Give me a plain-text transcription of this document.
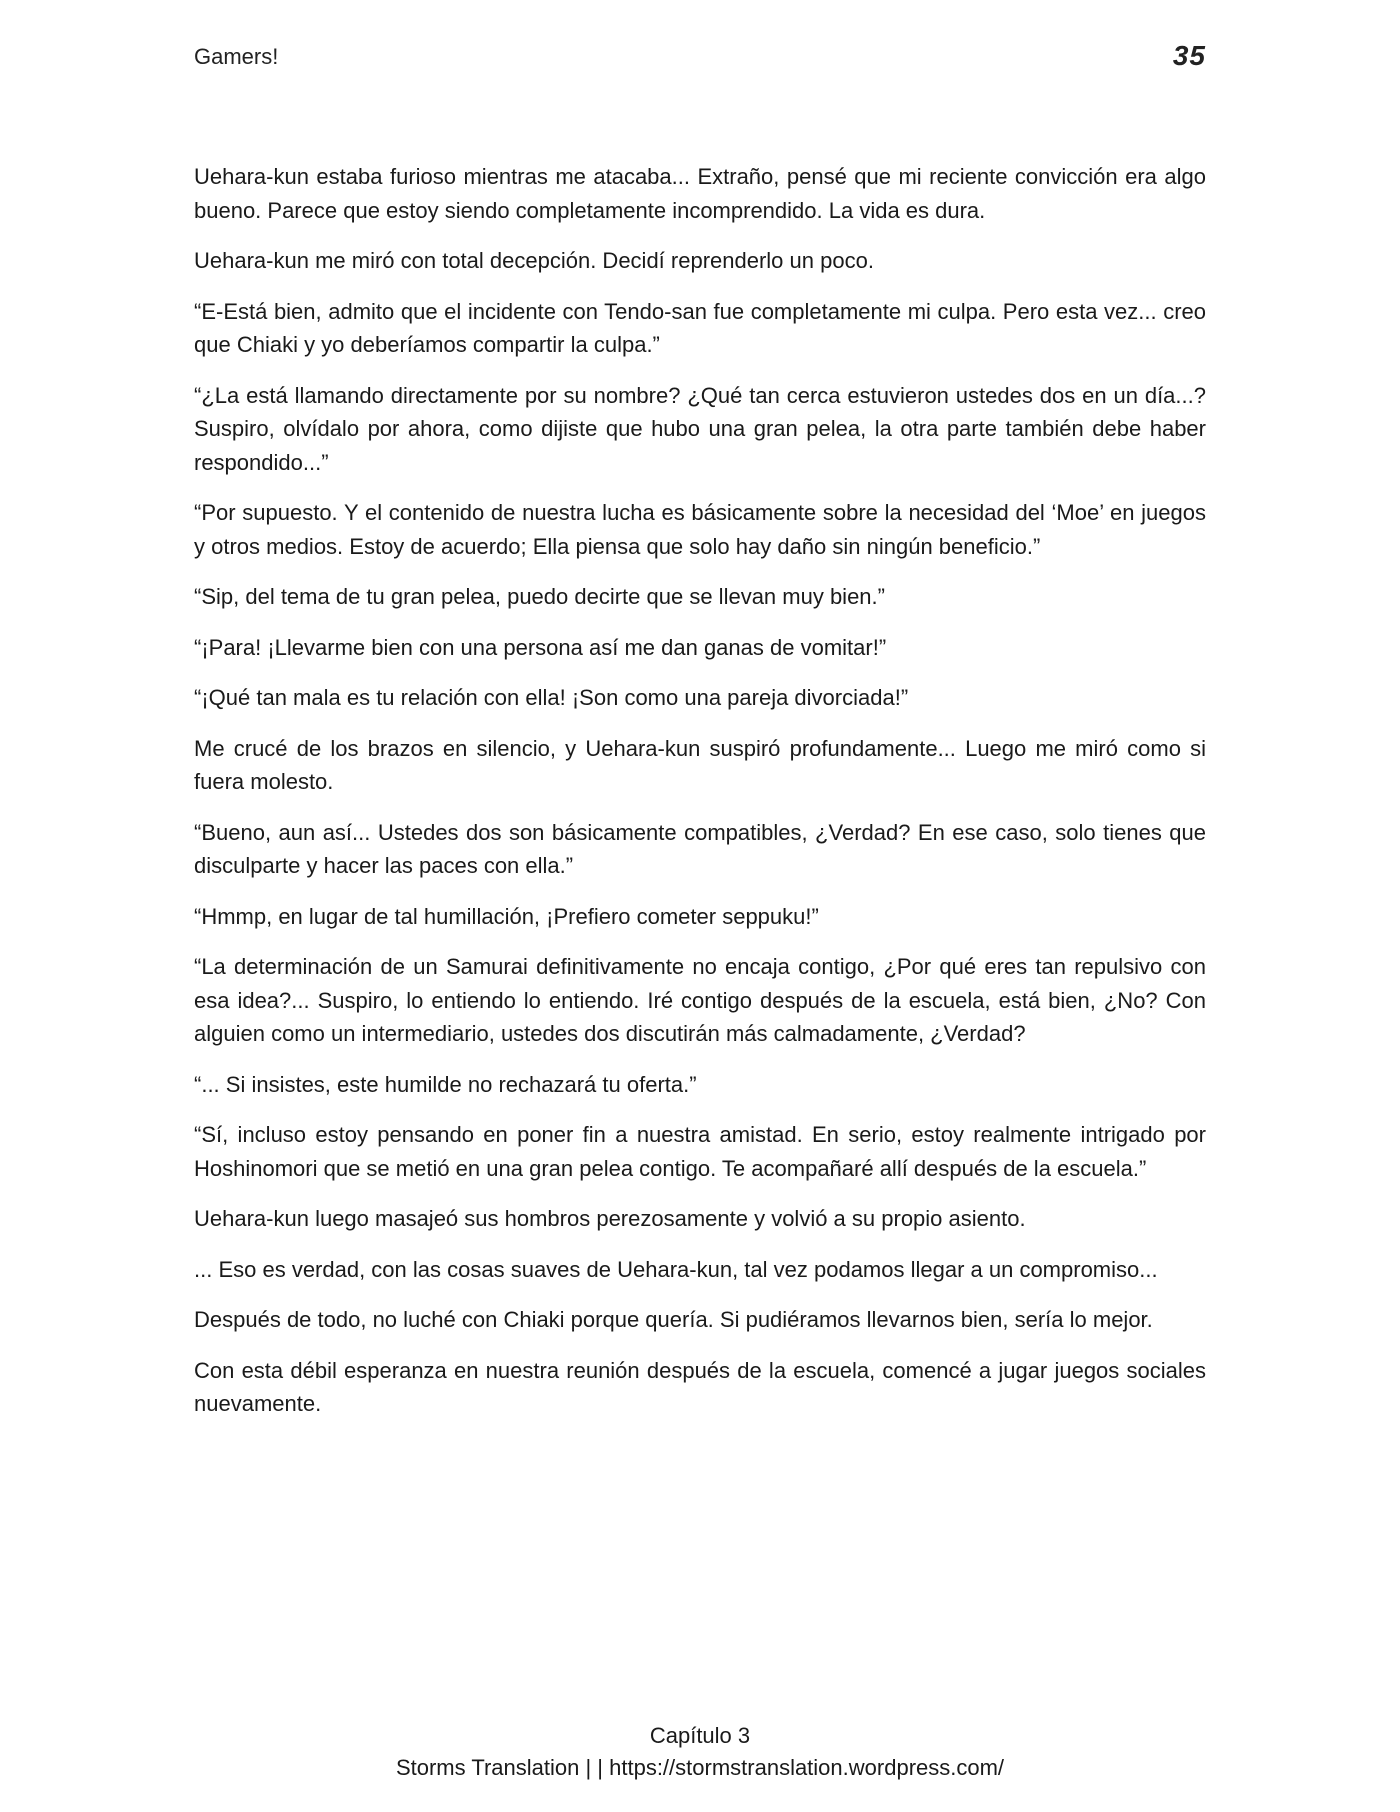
Gamers!	35

Uehara-kun estaba furioso mientras me atacaba... Extraño, pensé que mi reciente convicción era algo bueno. Parece que estoy siendo completamente incomprendido. La vida es dura.

Uehara-kun me miró con total decepción. Decidí reprenderlo un poco.

“E-Está bien, admito que el incidente con Tendo-san fue completamente mi culpa. Pero esta vez... creo que Chiaki y yo deberíamos compartir la culpa.”

“¿La está llamando directamente por su nombre? ¿Qué tan cerca estuvieron ustedes dos en un día...? Suspiro, olvídalo por ahora, como dijiste que hubo una gran pelea, la otra parte también debe haber respondido...”

“Por supuesto. Y el contenido de nuestra lucha es básicamente sobre la necesidad del ‘Moe’ en juegos y otros medios. Estoy de acuerdo; Ella piensa que solo hay daño sin ningún beneficio.”

“Sip, del tema de tu gran pelea, puedo decirte que se llevan muy bien.”

“¡Para! ¡Llevarme bien con una persona así me dan ganas de vomitar!”

“¡Qué tan mala es tu relación con ella! ¡Son como una pareja divorciada!”

Me crucé de los brazos en silencio, y Uehara-kun suspiró profundamente... Luego me miró como si fuera molesto.

“Bueno, aun así... Ustedes dos son básicamente compatibles, ¿Verdad? En ese caso, solo tienes que disculparte y hacer las paces con ella.”

“Hmmp, en lugar de tal humillación, ¡Prefiero cometer seppuku!”

“La determinación de un Samurai definitivamente no encaja contigo, ¿Por qué eres tan repulsivo con esa idea?... Suspiro, lo entiendo lo entiendo. Iré contigo después de la escuela, está bien, ¿No? Con alguien como un intermediario, ustedes dos discutirán más calmadamente, ¿Verdad?

“... Si insistes, este humilde no rechazará tu oferta.”

“Sí, incluso estoy pensando en poner fin a nuestra amistad. En serio, estoy realmente intrigado por Hoshinomori que se metió en una gran pelea contigo. Te acompañaré allí después de la escuela.”

Uehara-kun luego masajeó sus hombros perezosamente y volvió a su propio asiento.

... Eso es verdad, con las cosas suaves de Uehara-kun, tal vez podamos llegar a un compromiso...

Después de todo, no luché con Chiaki porque quería. Si pudiéramos llevarnos bien, sería lo mejor.

Con esta débil esperanza en nuestra reunión después de la escuela, comencé a jugar juegos sociales nuevamente.

Capítulo 3
Storms Translation | | https://stormstranslation.wordpress.com/
